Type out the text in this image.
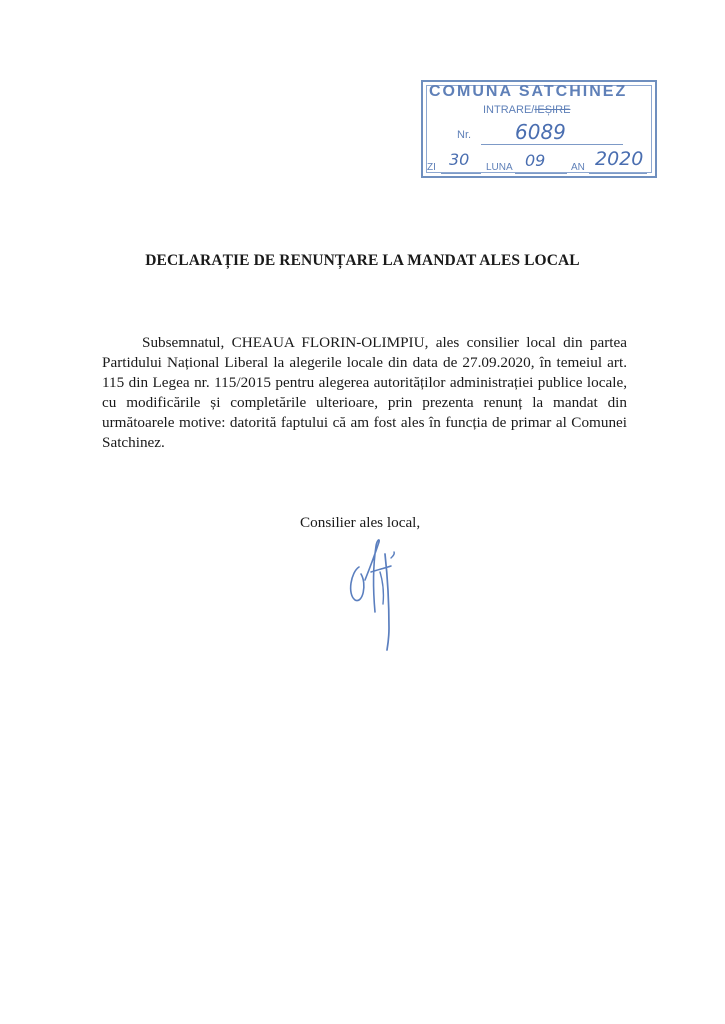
COMUNA SATCHINEZ
INTRARE/IEȘIRE
Nr. 6089
ZI 30 LUNA 09	AN 2020
DECLARAȚIE DE RENUNȚARE LA MANDAT ALES LOCAL

Subsemnatul, CHEAUA FLORIN-OLIMPIU, ales consilier local din partea Partidului Național Liberal la alegerile locale din data de 27.09.2020, în temeiul art. 115 din Legea nr. 115/2015 pentru alegerea autorităților administrației publice locale, cu modificările și completările ulterioare, prin prezenta renunț la mandat din următoarele motive: datorită faptului că am fost ales în funcția de primar al Comunei Satchinez.

Consilier ales local,
